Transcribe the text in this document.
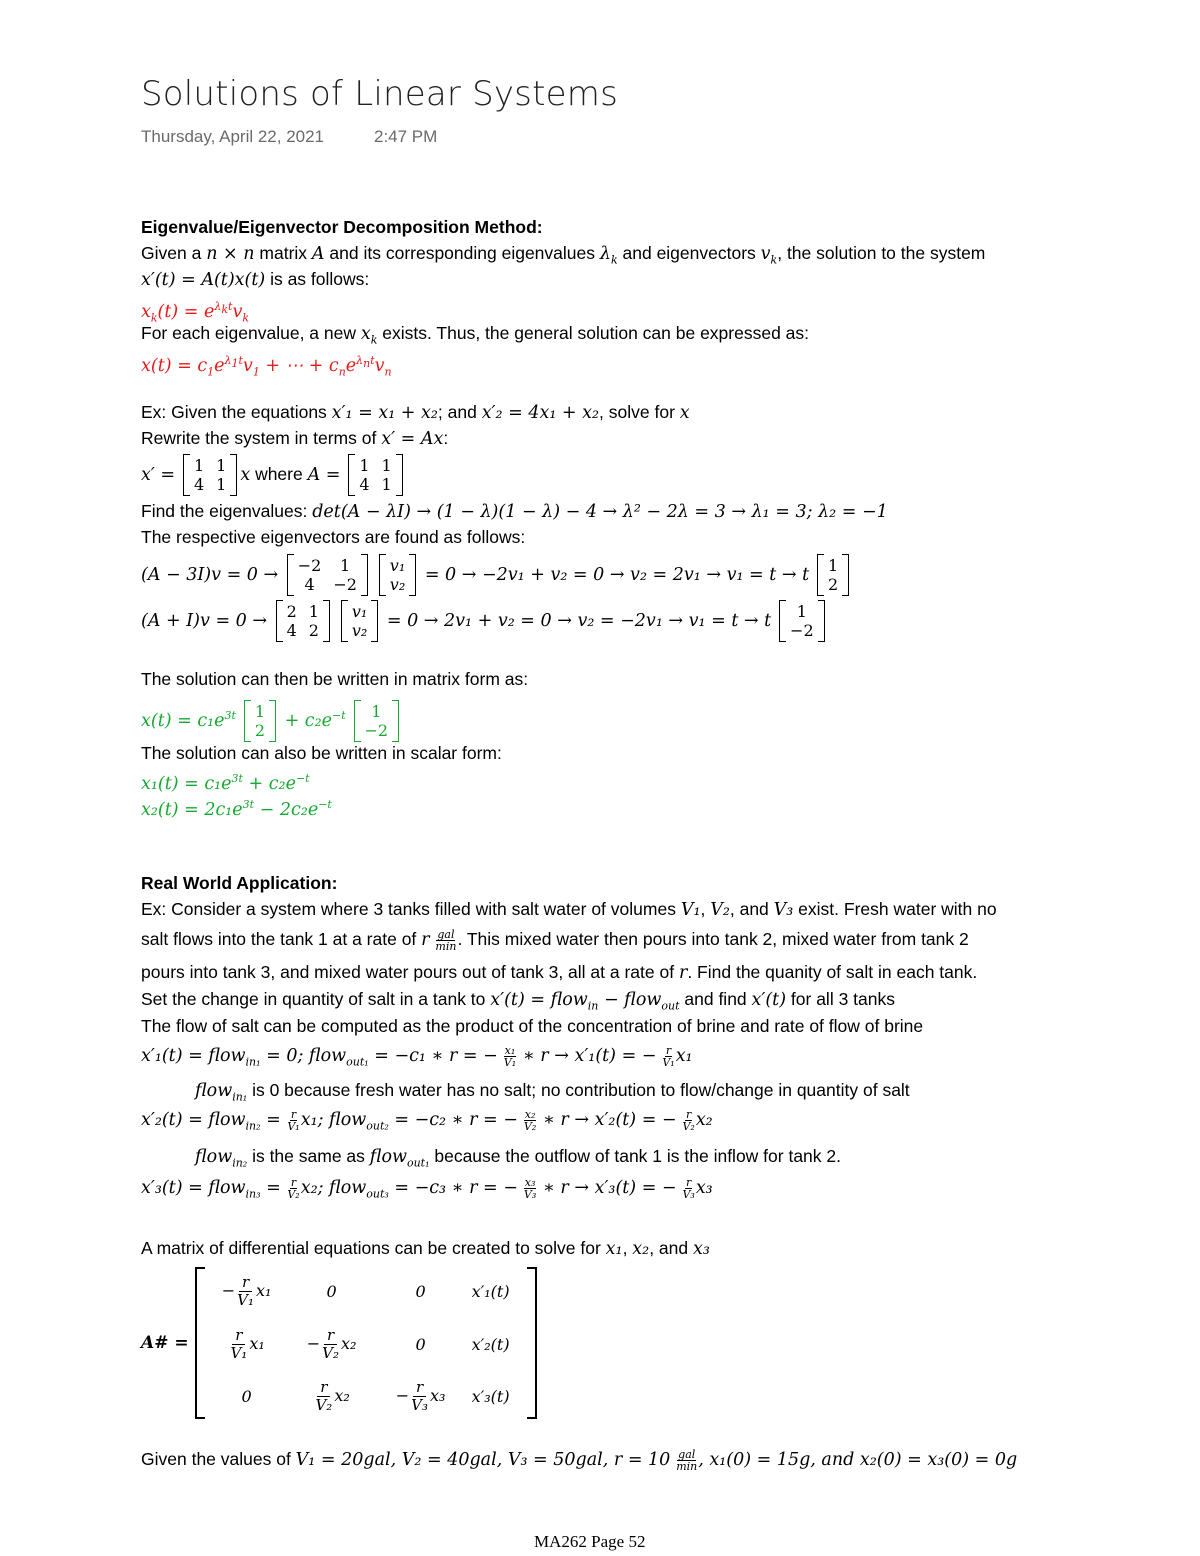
Solutions of Linear Systems
Thursday, April 22, 2021	2:47 PM
Eigenvalue/Eigenvector Decomposition Method:
Given a n × n matrix A and its corresponding eigenvalues $\lambda_k$ and eigenvectors $v_k$, the solution to the system
x′(t) = A(t)x(t) is as follows:
$x_k(t) = e^{\lambda_kt}v_k$
For each eigenvalue, a new $x_k$ exists. Thus, the general solution can be expressed as:
$x(t) = c_1e^{\lambda_1t}v_1$ + ⋯ + $c_ne^{\lambda_nt}v_n$
Ex: Given the equations x′₁ = x₁ + x₂; and x′₂ = 4x₁ + x₂, solve for x
Rewrite the system in terms of x′ = Ax:
x′ = 1 1
4 1 x where A = 1 1
4 1
Find the eigenvalues: det(A − λI) → (1 − λ)(1 − λ) − 4 → λ² − 2λ = 3 → λ₁ = 3; λ₂ = −1
The respective eigenvectors are found as follows:
(A − 3I)v = 0 → −2	1
4	−2

v₁
v₂ = 0 → −2v₁ + v₂ = 0 → v₂ = 2v₁ → v₁ = t → t 1
2
(A + I)v = 0 → 2 1
4 2

v₁
v₂ = 0 → 2v₁ + v₂ = 0 → v₂ = −2v₁ → v₁ = t → t	1
−2
The solution can then be written in matrix form as:
$x(t) = c_1e^{3t}$ 1
$2 + c_2e^{-t}$	1
−2
The solution can also be written in scalar form:
$x_1(t) = c_1e^{3t} + c_2e^{-t}$
$x_2(t) = 2c_1e^{3t} - 2c_2e^{-t}$
Real World Application:
Ex: Consider a system where 3 tanks filled with salt water of volumes V₁, V₂, and V₃ exist. Fresh water with no
salt flows into the tank 1 at a rate of r $\frac{\text{gal}}{\min}$ . This mixed water then pours into tank 2, mixed water from tank 2
pours into tank 3, and mixed water pours out of tank 3, all at a rate of r. Find the quanity of salt in each tank.
Set the change in quantity of salt in a tank to x′(t) = flow$_{in}$ − flow$_{out}$ and find x′(t) for all 3 tanks
The flow of salt can be computed as the product of the concentration of brine and rate of flow of brine
x′₁(t) = flow$_{in_1}$ = 0; flow$_{out_1}$ = −c₁ ∗ r = − $\frac{\text{x₁}}{\text{V₁}}$ ∗ r → x′₁(t) = − $\frac{r}{\text{V₁}} x_1$
flow$_{in_1}$ is 0 because fresh water has no salt; no contribution to flow/change in quantity of salt
x′₂(t) = flow$_{in_2}$ = $\frac{r}{\text{V₁}} x_1$; flow$_{out_2}$ = −c₂ ∗ r = − $\frac{\text{x₂}}{\text{V₂}}$ ∗ r → x′₂(t) = − $\frac{r}{\text{V₂}} x_2$
flow$_{in_2}$ is the same as flow$_{out_1}$ because the outflow of tank 1 is the inflow for tank 2.
x′₃(t) = flow$_{in_3}$ = $\frac{r}{\text{V₂}} x_2$; flow$_{out_3}$ = −c₃ ∗ r = − $\frac{\text{x₃}}{\text{V₃}}$ ∗ r → x′₃(t) = − $\frac{r}{\text{V₃}} x_3$
A matrix of differential equations can be created to solve for x₁, x₂, and x₃
A# =
− $\frac{r}{\text{V₁}} x_1$	0	0	x′₁(t)
$\frac{r}{\text{V₁}} x_1$	− $\frac{r}{\text{V₂}} x_2$	0	x′₂(t)
0	$\frac{r}{\text{V₂}} x_2$	− $\frac{r}{\text{V₃}} x_3$ x′₃(t)
Given the values of V₁ = 20gal, V₂ = 40gal, V₃ = 50gal, $r = 10 \frac{\text{gal}}{\min}$ , x₁(0) = 15g, and x₂(0) = x₃(0) = 0g
MA262 Page 52
